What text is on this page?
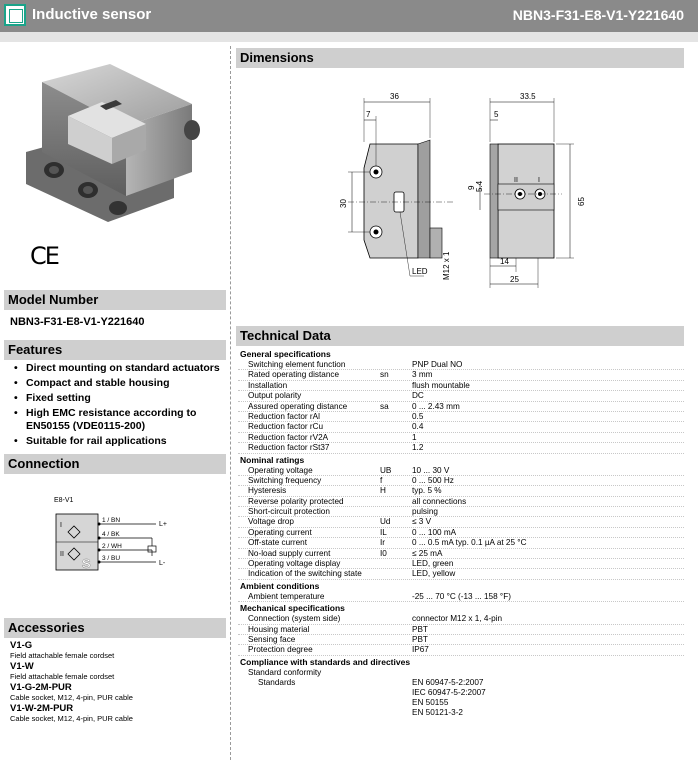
Inductive sensor	NBN3-F31-E8-V1-Y221640
CE
Model Number
NBN3-F31-E8-V1-Y221640
Features
• Direct mounting on standard actuators
• Compact and stable housing
• Fixed setting
• High EMC resistance according to EN50155 (VDE0115-200)
• Suitable for rail applications
Connection
E8-V1
I
II
S
1 / BN
4 / BK
2 / WH
3 / BU
L+
L-
Accessories
V1-G
Field attachable female cordset
V1-W
Field attachable female cordset
V1-G-2M-PUR
Cable socket, M12, 4-pin, PUR cable
V1-W-2M-PUR
Cable socket, M12, 4-pin, PUR cable
Dimensions
36
7
30
LED M12 x 1
II	I
33.5
5
9 5.4
65
14
25
Technical Data
General specifications
Switching element function	PNP Dual NO
Rated operating distance	sn	3 mm
Installation	flush mountable
Output polarity	DC
Assured operating distance	sa	0 ... 2.43 mm
Reduction factor rAl	0.5
Reduction factor rCu	0.4
Reduction factor rV2A	1
Reduction factor rSt37	1.2
Nominal ratings
Operating voltage	UB	10 ... 30 V
Switching frequency	f	0 ... 500 Hz
Hysteresis	H	typ. 5 %
Reverse polarity protected	all connections
Short-circuit protection	pulsing
Voltage drop	Ud	≤ 3 V
Operating current	IL	0 ... 100 mA
Off-state current	Ir	0 ... 0.5 mA typ. 0.1 µA at 25 °C
No-load supply current	I0	≤ 25 mA
Operating voltage display	LED, green
Indication of the switching state	LED, yellow
Ambient conditions
Ambient temperature	-25 ... 70 °C (-13 ... 158 °F)
Mechanical specifications
Connection (system side)	connector M12 x 1, 4-pin
Housing material	PBT
Sensing face	PBT
Protection degree	IP67
Compliance with standards and directives
Standard conformity
Standards	EN 60947-5-2:2007
IEC 60947-5-2:2007
EN 50155
EN 50121-3-2
